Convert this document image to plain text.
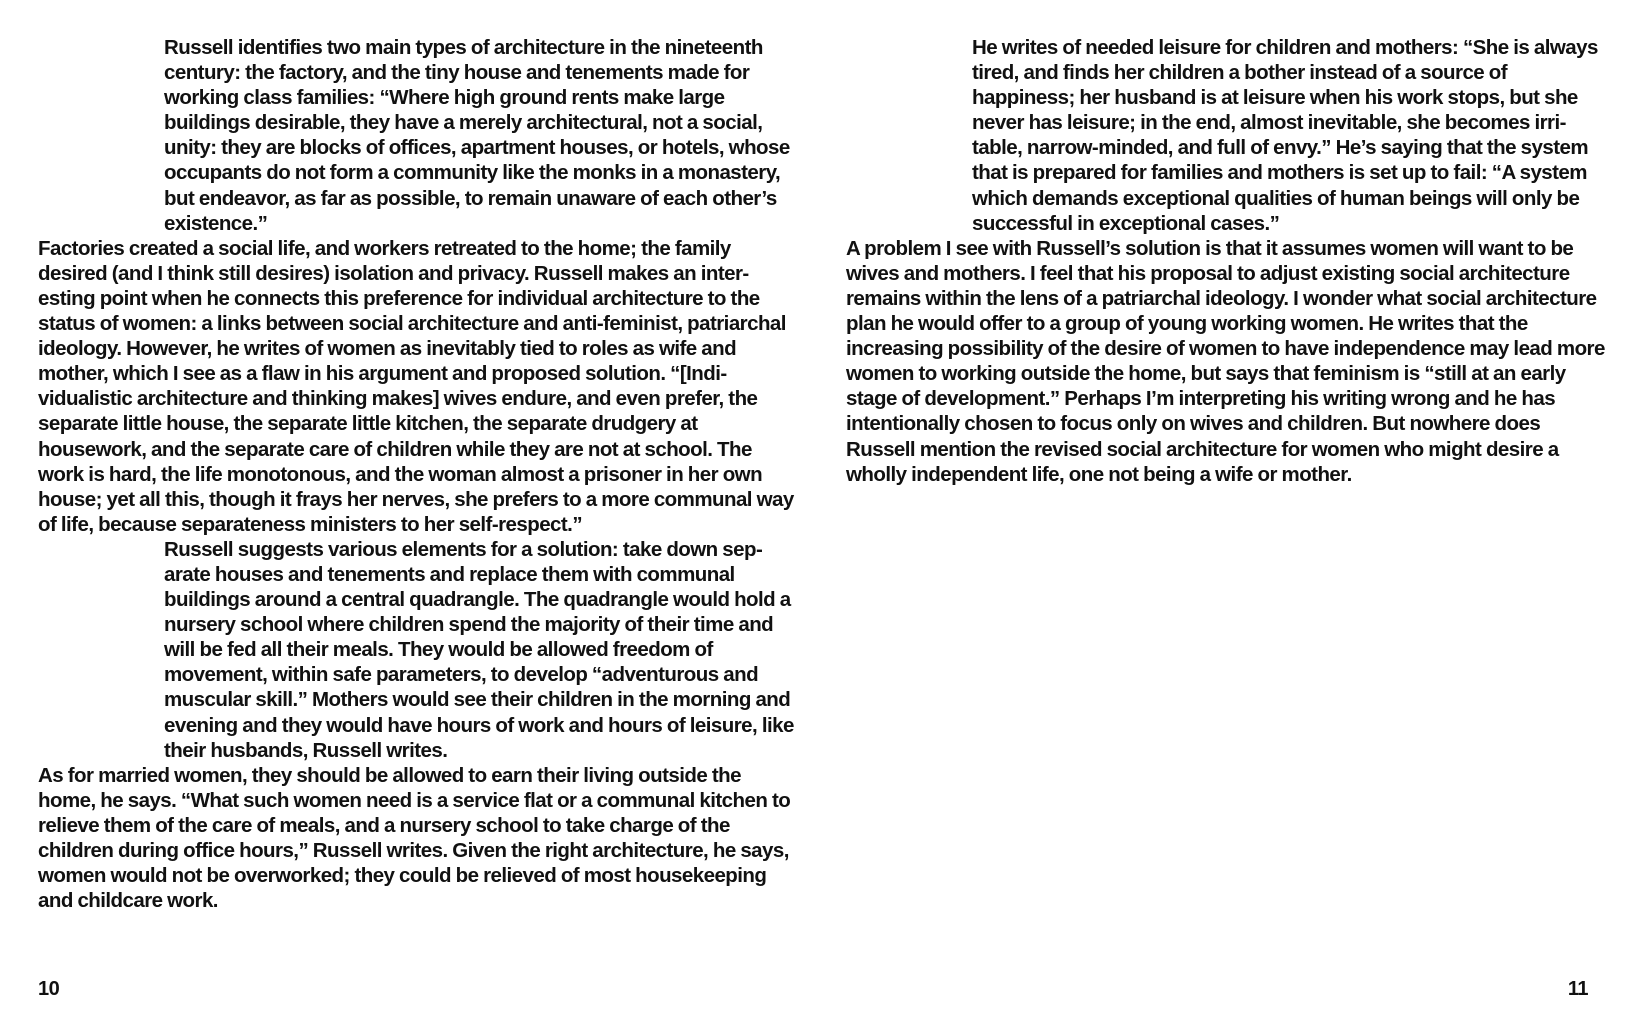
Russell identifies two main types of architecture in the nineteenth century: the factory, and the tiny house and tenements made for working class families: “Where high ground rents make large buildings desirable, they have a merely architectural, not a social, unity: they are blocks of offices, apartment houses, or hotels, whose occupants do not form a community like the monks in a monastery, but endeavor, as far as possible, to remain unaware of each other’s existence.”

Factories created a social life, and workers retreated to the home; the family desired (and I think still desires) isolation and privacy. Russell makes an interesting point when he connects this preference for individual architecture to the status of women: a links between social architecture and anti-feminist, patriarchal ideology. However, he writes of women as inevitably tied to roles as wife and mother, which I see as a flaw in his argument and proposed solution. “[Individualistic architecture and thinking makes] wives endure, and even prefer, the separate little house, the separate little kitchen, the separate drudgery at housework, and the separate care of children while they are not at school. The work is hard, the life monotonous, and the woman almost a prisoner in her own house; yet all this, though it frays her nerves, she prefers to a more communal way of life, because separateness ministers to her self-respect.”

Russell suggests various elements for a solution: take down separate houses and tenements and replace them with communal buildings around a central quadrangle. The quadrangle would hold a nursery school where children spend the majority of their time and will be fed all their meals. They would be allowed freedom of movement, within safe parameters, to develop “adventurous and muscular skill.” Mothers would see their children in the morning and evening and they would have hours of work and hours of leisure, like their husbands, Russell writes.

As for married women, they should be allowed to earn their living outside the home, he says. “What such women need is a service flat or a communal kitchen to relieve them of the care of meals, and a nursery school to take charge of the children during office hours,” Russell writes. Given the right architecture, he says, women would not be overworked; they could be relieved of most housekeeping and childcare work.

10

He writes of needed leisure for children and mothers: “She is always tired, and finds her children a bother instead of a source of happiness; her husband is at leisure when his work stops, but she never has leisure; in the end, almost inevitable, she becomes irritable, narrow-minded, and full of envy.” He’s saying that the system that is prepared for families and mothers is set up to fail: “A system which demands exceptional qualities of human beings will only be successful in exceptional cases.”

A problem I see with Russell’s solution is that it assumes women will want to be wives and mothers. I feel that his proposal to adjust existing social architecture remains within the lens of a patriarchal ideology. I wonder what social architecture plan he would offer to a group of young working women. He writes that the increasing possibility of the desire of women to have independence may lead more women to working outside the home, but says that feminism is “still at an early stage of development.” Perhaps I’m interpreting his writing wrong and he has intentionally chosen to focus only on wives and children. But nowhere does Russell mention the revised social architecture for women who might desire a wholly independent life, one not being a wife or mother.

11
